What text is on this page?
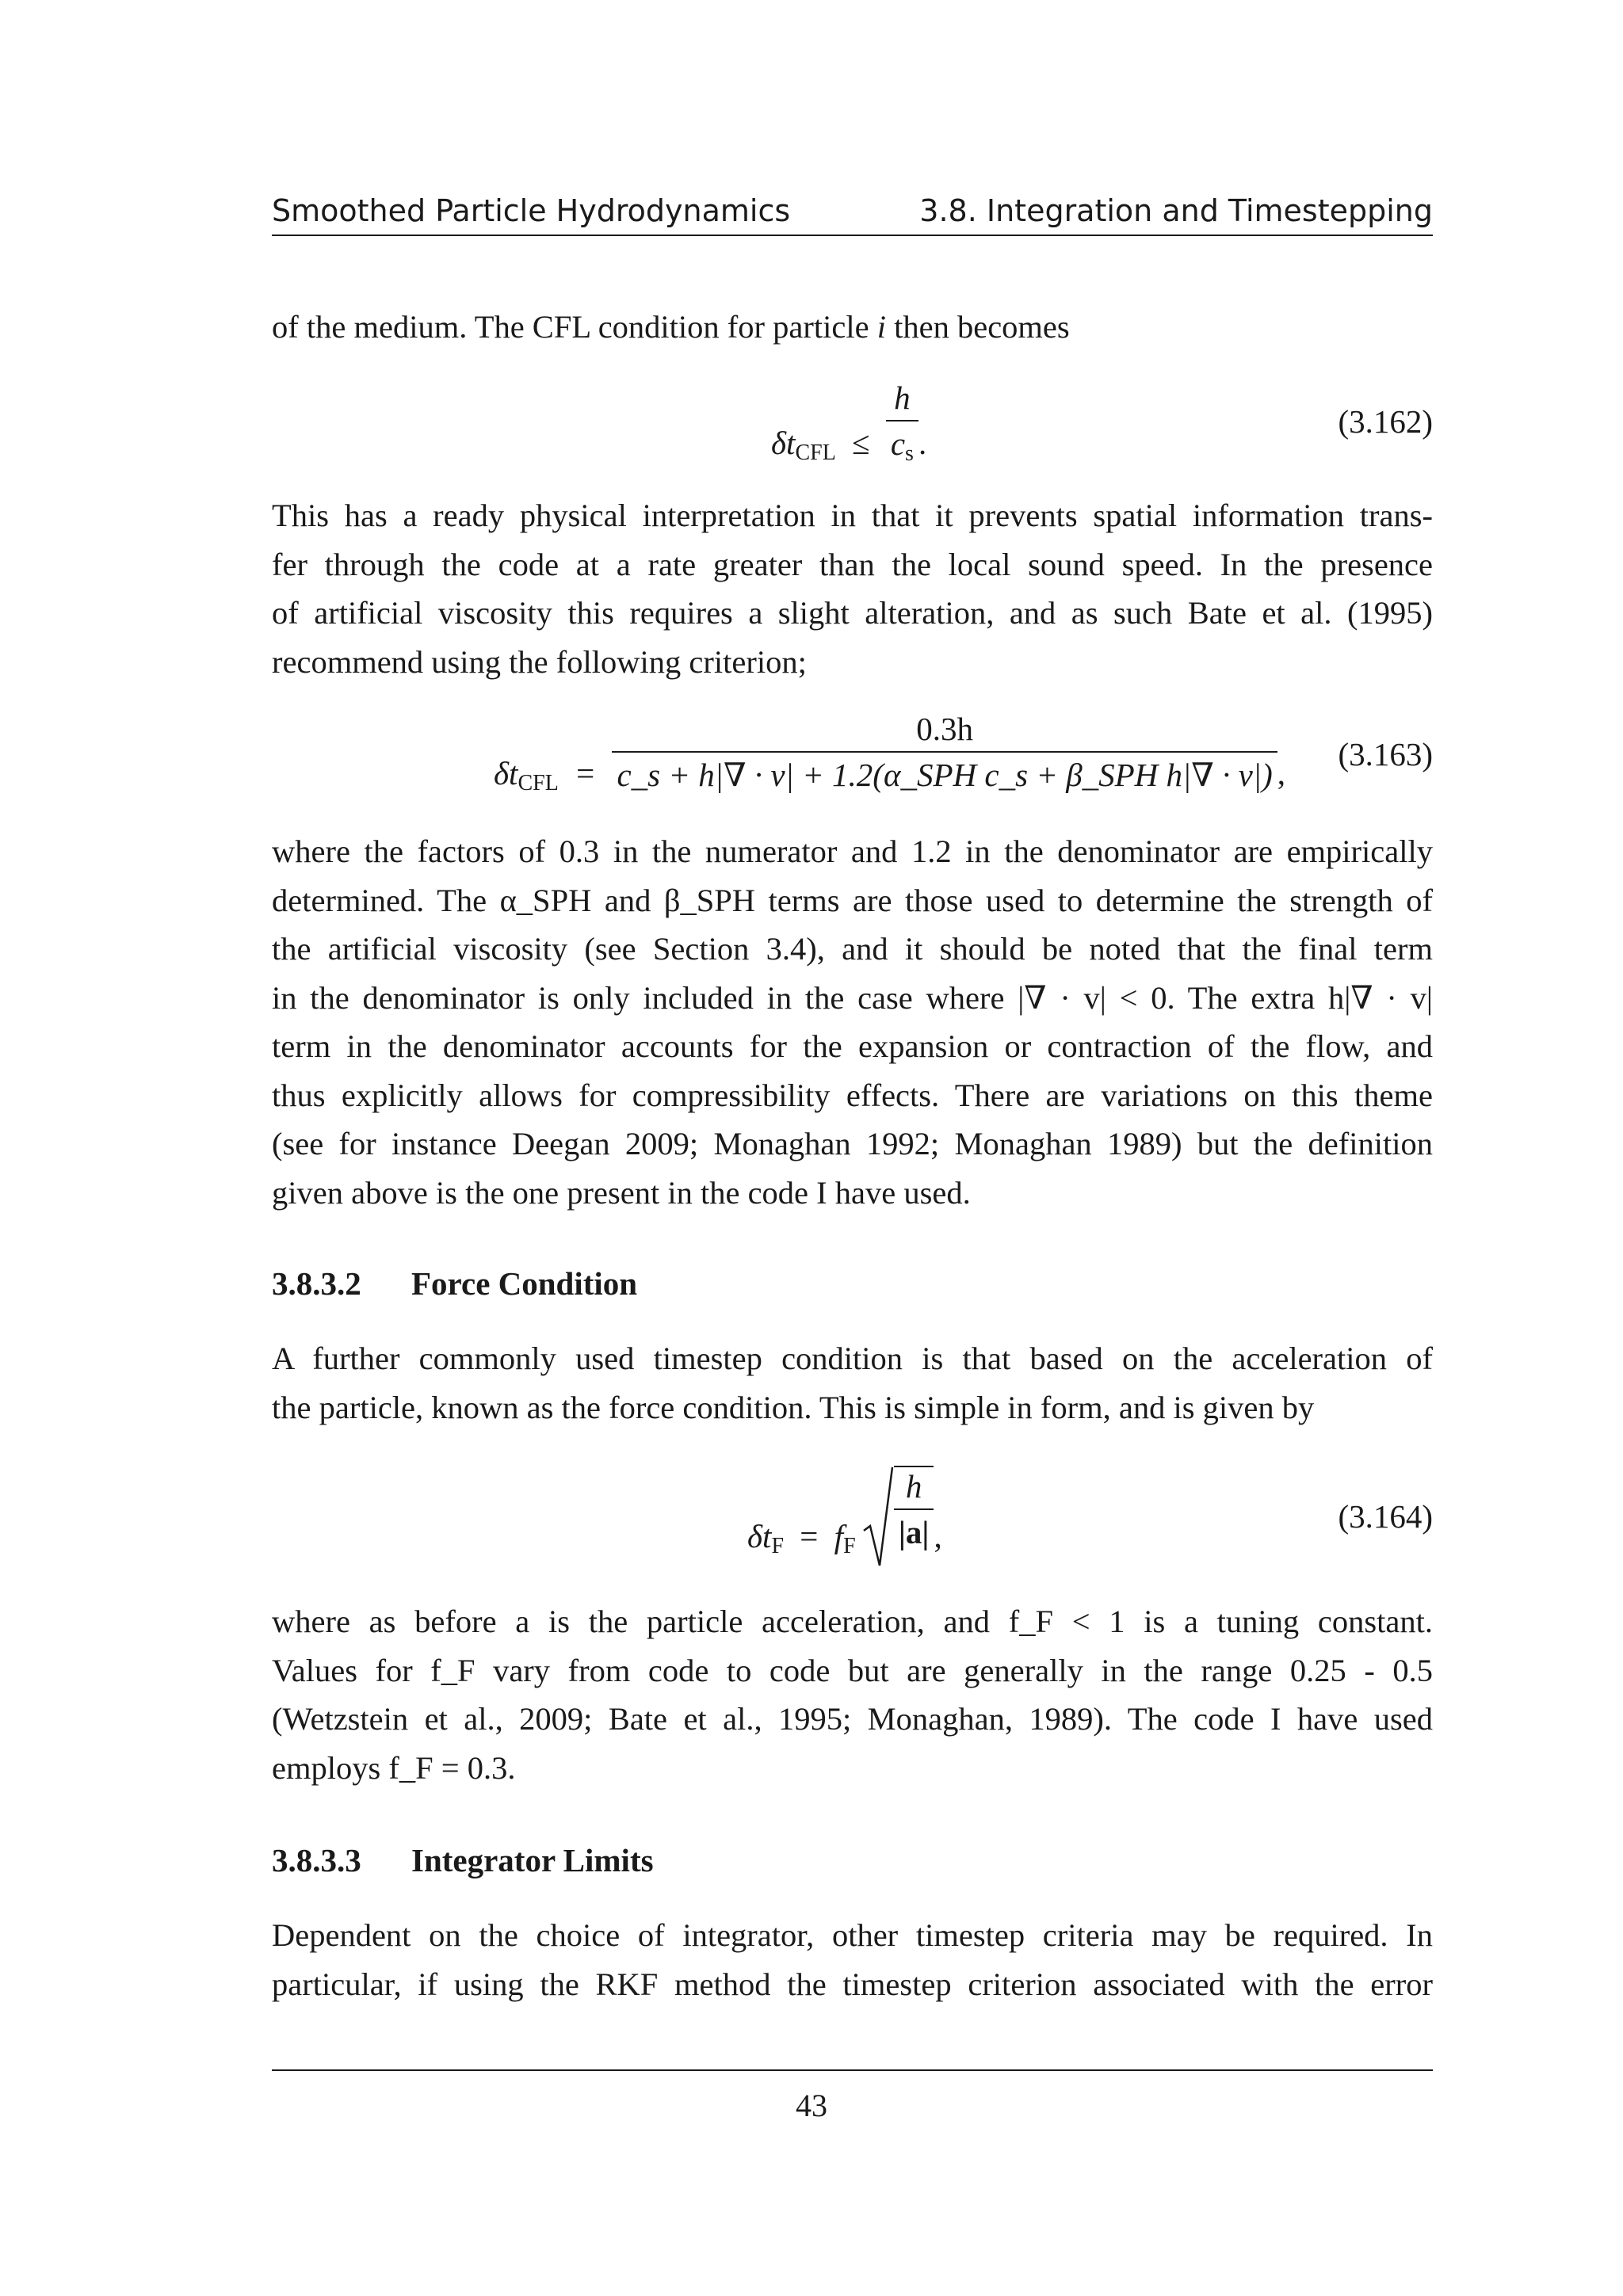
Smoothed Particle Hydrodynamics	3.8. Integration and Timestepping

of the medium. The CFL condition for particle i then becomes

$\delta t_{CFL} \le \frac{h}{c_s}$ .
(3.162)

This has a ready physical interpretation in that it prevents spatial information trans-
fer through the code at a rate greater than the local sound speed. In the presence
of artificial viscosity this requires a slight alteration, and as such Bate et al. (1995)
recommend using the following criterion;

$\delta t_{CFL} = \frac{0.3h}{\text{c\_s + h|∇ · v| + 1.2(α\_SPH c\_s + β\_SPH h|∇ · v|)}}$ ,
(3.163)

where the factors of 0.3 in the numerator and 1.2 in the denominator are empirically
determined. The α_SPH and β_SPH terms are those used to determine the strength of
the artificial viscosity (see Section 3.4), and it should be noted that the final term
in the denominator is only included in the case where |∇ · v| < 0. The extra h|∇ · v|
term in the denominator accounts for the expansion or contraction of the flow, and
thus explicitly allows for compressibility effects. There are variations on this theme
(see for instance Deegan 2009; Monaghan 1992; Monaghan 1989) but the definition
given above is the one present in the code I have used.

3.8.3.2 Force Condition

A further commonly used timestep condition is that based on the acceleration of
the particle, known as the force condition. This is simple in form, and is given by

$\delta t_F = f_F \frac{h}{|a|}$ ,
(3.164)

where as before a is the particle acceleration, and f_F < 1 is a tuning constant.
Values for f_F vary from code to code but are generally in the range 0.25 - 0.5
(Wetzstein et al., 2009; Bate et al., 1995; Monaghan, 1989). The code I have used
employs f_F = 0.3.

3.8.3.3 Integrator Limits

Dependent on the choice of integrator, other timestep criteria may be required. In
particular, if using the RKF method the timestep criterion associated with the error

43
